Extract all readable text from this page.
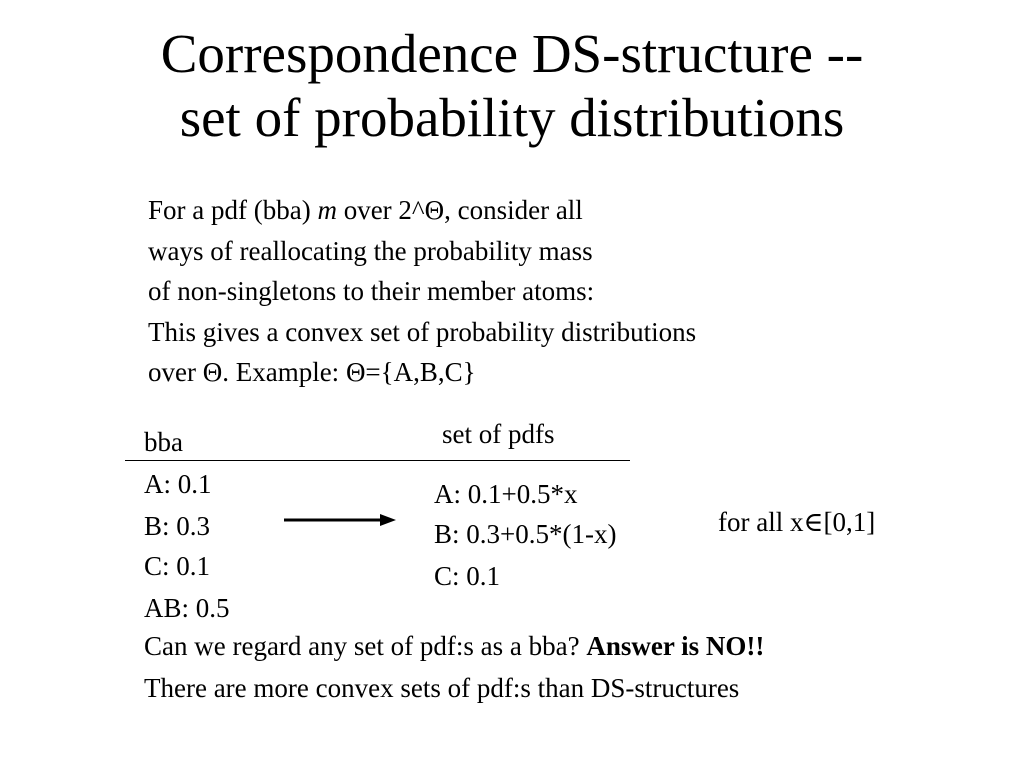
Correspondence DS-structure --
set of probability distributions
For a pdf (bba) m over 2^Θ, consider all
ways of reallocating the probability mass
of non-singletons to their member atoms:
This gives a convex set of probability distributions
over Θ. Example: Θ={A,B,C}
bba	set of pdfs
A: 0.1
B: 0.3
C: 0.1
AB: 0.5
A: 0.1+0.5*x
B: 0.3+0.5*(1-x)
C: 0.1
for all x∈[0,1]
Can we regard any set of pdf:s as a bba? Answer is NO!!
There are more convex sets of pdf:s than DS-structures
